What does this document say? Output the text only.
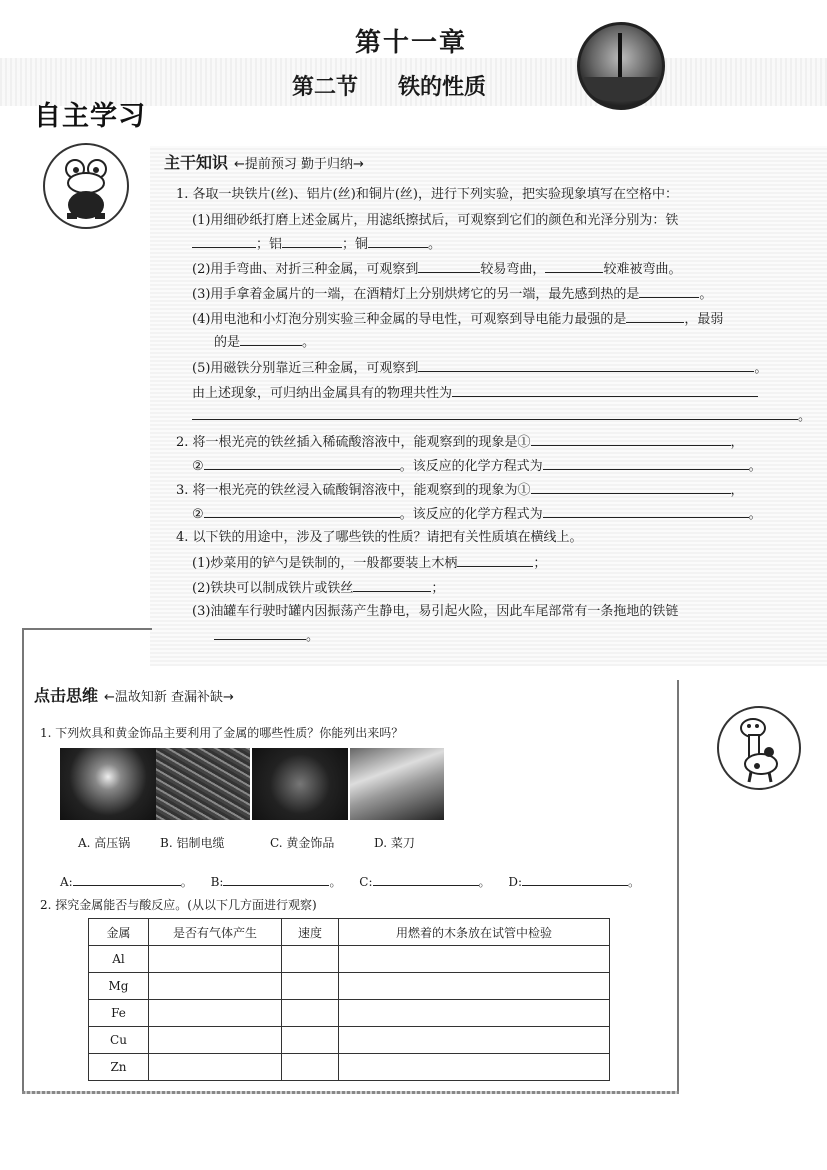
第十一章
第二节 铁的性质
自主学习
主干知识 ←提前预习 勤于归纳→
1. 各取一块铁片(丝)、铝片(丝)和铜片(丝)，进行下列实验，把实验现象填写在空格中：
(1)用细砂纸打磨上述金属片，用滤纸擦拭后，可观察到它们的颜色和光泽分别为：铁
；铝	；铜	。
(2)用手弯曲、对折三种金属，可观察到	较易弯曲，	较难被弯曲。
(3)用手拿着金属片的一端，在酒精灯上分别烘烤它的另一端，最先感到热的是	。
(4)用电池和小灯泡分别实验三种金属的导电性，可观察到导电能力最强的是	，最弱
的是	。
(5)用磁铁分别靠近三种金属，可观察到	。
由上述现象，可归纳出金属具有的物理共性为
。
2. 将一根光亮的铁丝插入稀硫酸溶液中，能观察到的现象是①	，
②	。该反应的化学方程式为	。
3. 将一根光亮的铁丝浸入硫酸铜溶液中，能观察到的现象为①	，
②	。该反应的化学方程式为	。
4. 以下铁的用途中，涉及了哪些铁的性质？请把有关性质填在横线上。
(1)炒菜用的铲勺是铁制的，一般都要装上木柄	；
(2)铁块可以制成铁片或铁丝	；
(3)油罐车行驶时罐内因振荡产生静电，易引起火险，因此车尾部常有一条拖地的铁链
。
点击思维 ←温故知新 查漏补缺→
1. 下列炊具和黄金饰品主要利用了金属的哪些性质？你能列出来吗？
A. 高压锅 B. 铝制电缆	C. 黄金饰品	D. 菜刀
A:	。 B:	。 C:	。 D:	。
2. 探究金属能否与酸反应。(从以下几方面进行观察)
金属	是否有气体产生	速度	用燃着的木条放在试管中检验
Al			
Mg			
Fe			
Cu			
Zn			
